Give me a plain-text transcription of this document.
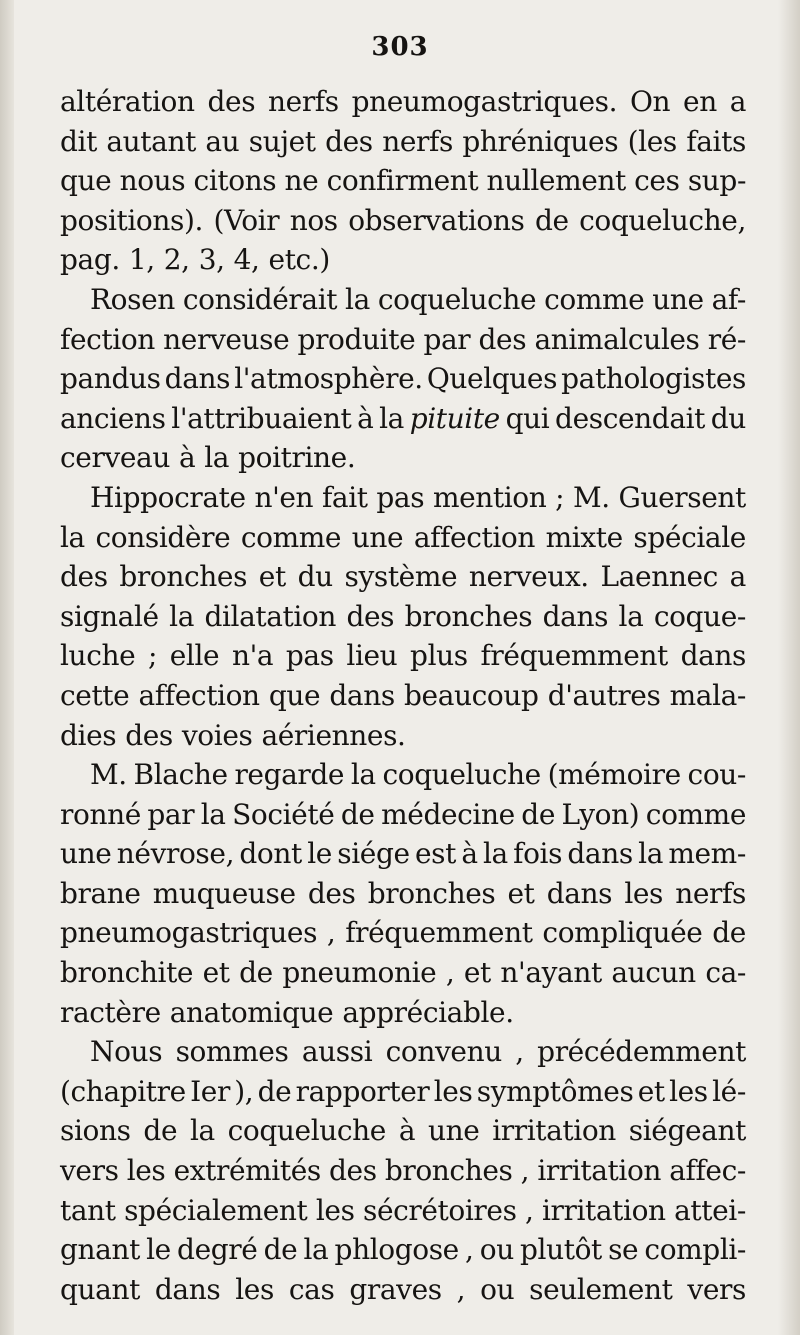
303
altération des nerfs pneumogastriques. On en a
dit autant au sujet des nerfs phréniques (les faits
que nous citons ne confirment nullement ces sup-
positions). (Voir nos observations de coqueluche,
pag. 1, 2, 3, 4, etc.)
Rosen considérait la coqueluche comme une af-
fection nerveuse produite par des animalcules ré-
pandus dans l'atmosphère. Quelques pathologistes
anciens l'attribuaient à la pituite qui descendait du
cerveau à la poitrine.
Hippocrate n'en fait pas mention ; M. Guersent
la considère comme une affection mixte spéciale
des bronches et du système nerveux. Laennec a
signalé la dilatation des bronches dans la coque-
luche ; elle n'a pas lieu plus fréquemment dans
cette affection que dans beaucoup d'autres mala-
dies des voies aériennes.
M. Blache regarde la coqueluche (mémoire cou-
ronné par la Société de médecine de Lyon) comme
une névrose, dont le siége est à la fois dans la mem-
brane muqueuse des bronches et dans les nerfs
pneumogastriques , fréquemment compliquée de
bronchite et de pneumonie , et n'ayant aucun ca-
ractère anatomique appréciable.
Nous sommes aussi convenu , précédemment
(chapitre Ier ), de rapporter les symptômes et les lé-
sions de la coqueluche à une irritation siégeant
vers les extrémités des bronches , irritation affec-
tant spécialement les sécrétoires , irritation attei-
gnant le degré de la phlogose , ou plutôt se compli-
quant dans les cas graves , ou seulement vers
